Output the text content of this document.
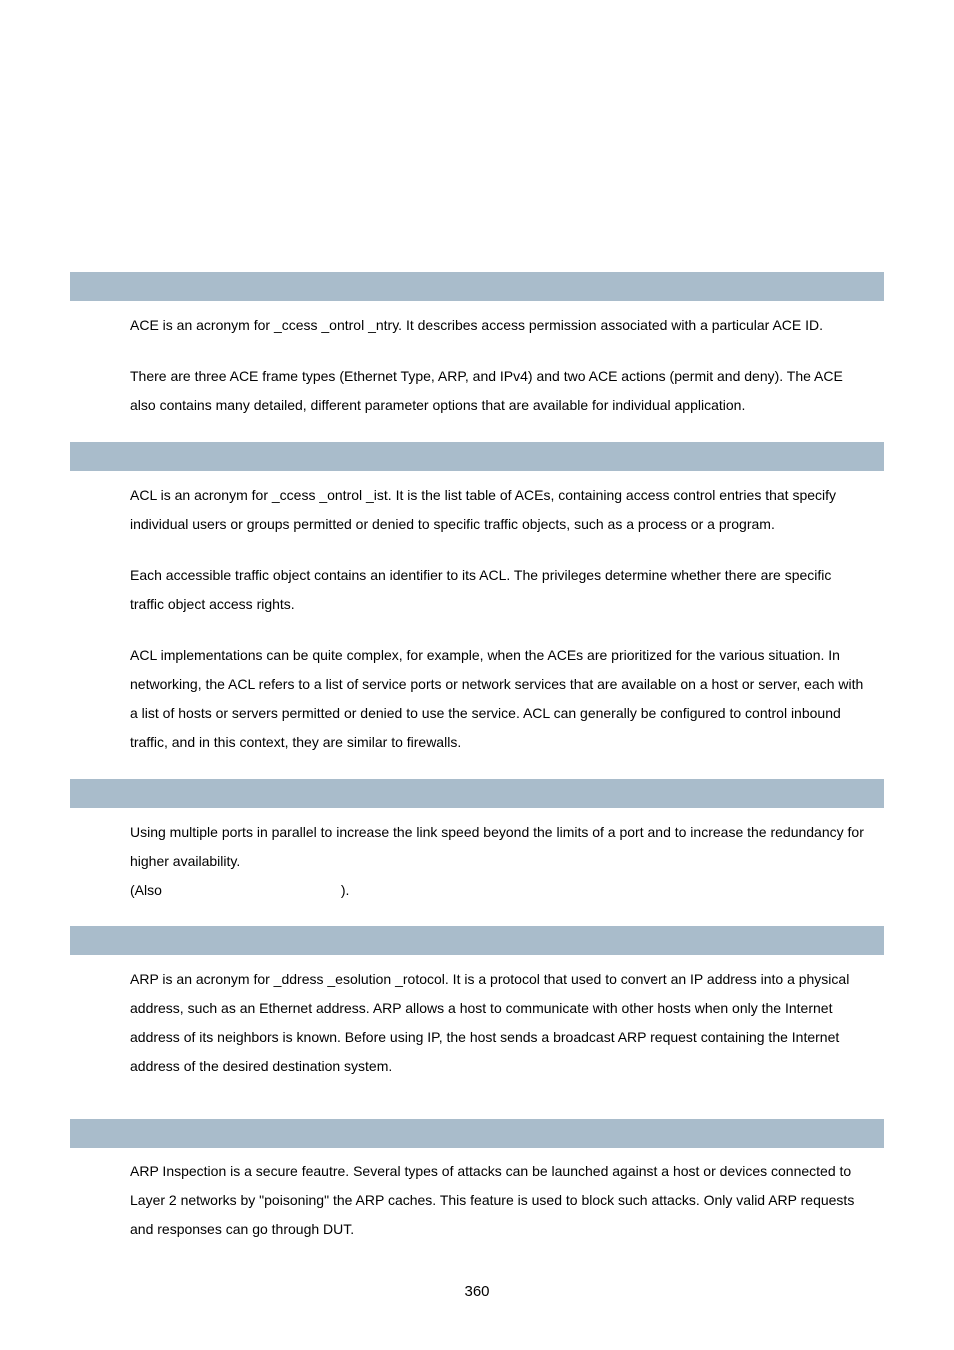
ACE is an acronym for _ccess _ontrol _ntry. It describes access permission associated with a particular ACE ID.

There are three ACE frame types (Ethernet Type, ARP, and IPv4) and two ACE actions (permit and deny). The ACE
also contains many detailed, different parameter options that are available for individual application.

ACL is an acronym for _ccess _ontrol _ist. It is the list table of ACEs, containing access control entries that specify
individual users or groups permitted or denied to specific traffic objects, such as a process or a program.

Each accessible traffic object contains an identifier to its ACL. The privileges determine whether there are specific
traffic object access rights.

ACL implementations can be quite complex, for example, when the ACEs are prioritized for the various situation. In
networking, the ACL refers to a list of service ports or network services that are available on a host or server, each with
a list of hosts or servers permitted or denied to use the service. ACL can generally be configured to control inbound
traffic, and in this context, they are similar to firewalls.

Using multiple ports in parallel to increase the link speed beyond the limits of a port and to increase the redundancy for
higher availability.
(Also                                              ).

ARP is an acronym for _ddress _esolution _rotocol. It is a protocol that used to convert an IP address into a physical
address, such as an Ethernet address. ARP allows a host to communicate with other hosts when only the Internet
address of its neighbors is known. Before using IP, the host sends a broadcast ARP request containing the Internet
address of the desired destination system.

ARP Inspection is a secure feautre. Several types of attacks can be launched against a host or devices connected to
Layer 2 networks by "poisoning" the ARP caches. This feature is used to block such attacks. Only valid ARP requests
and responses can go through DUT.

360
